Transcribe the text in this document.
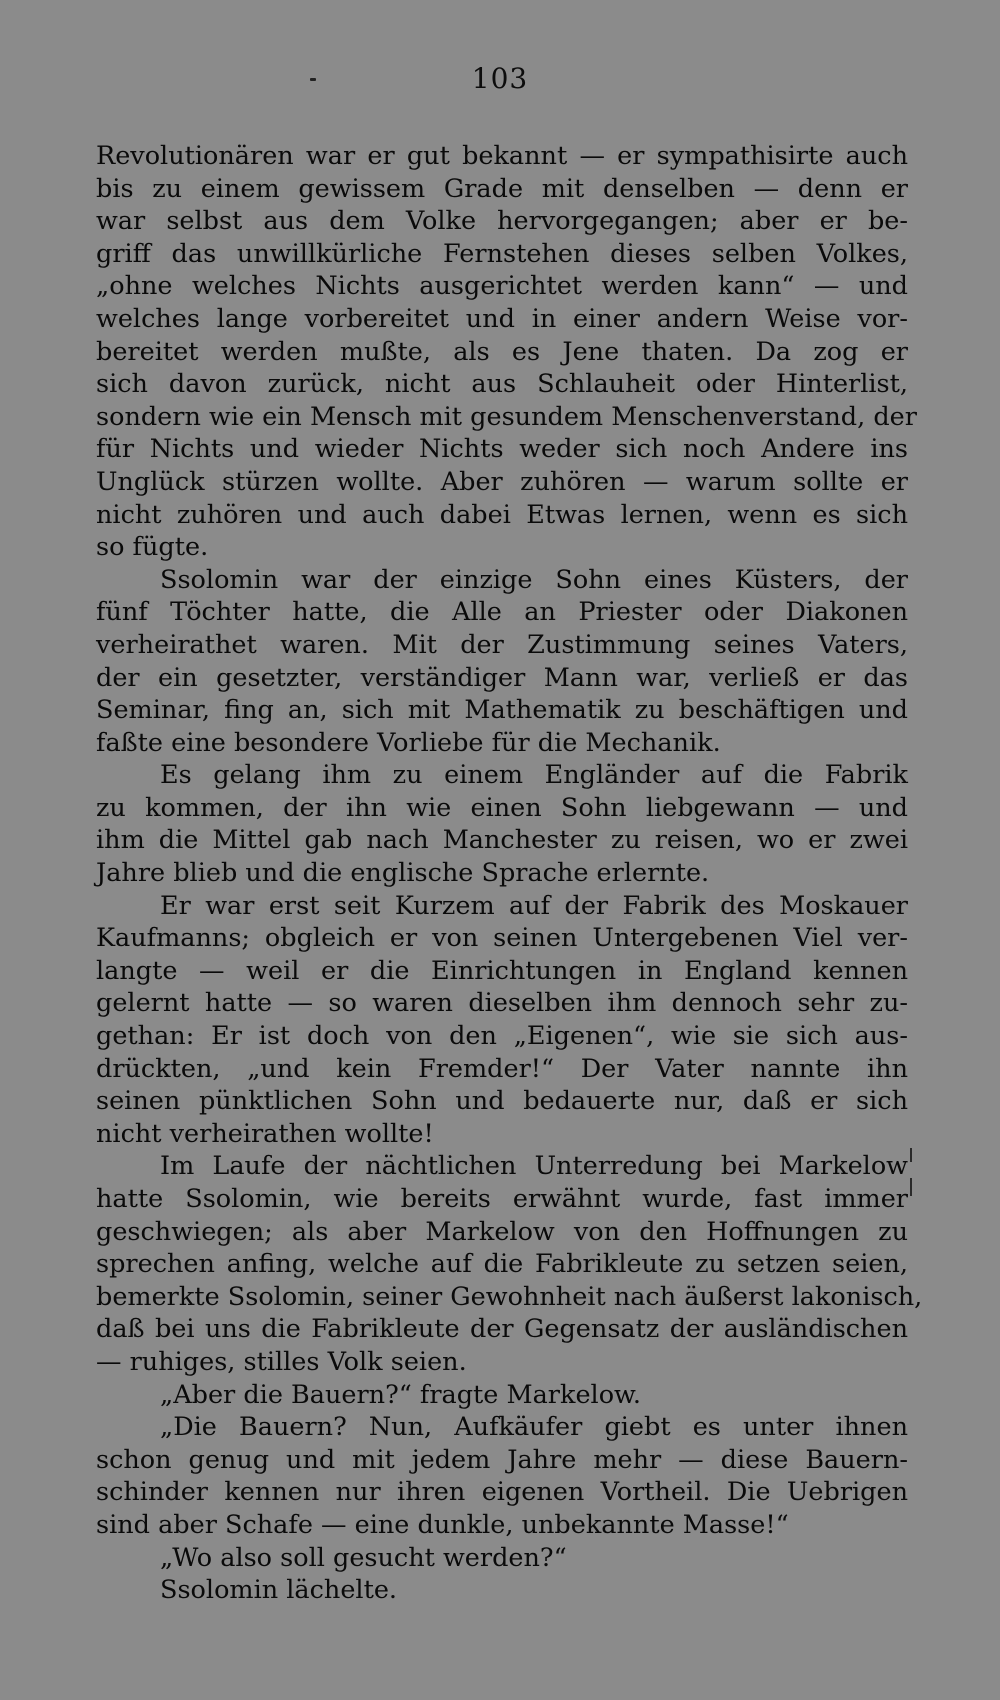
103
Revolutionären war er gut bekannt — er sympathisirte auch
bis zu einem gewissem Grade mit denselben — denn er
war selbst aus dem Volke hervorgegangen; aber er be-
griff das unwillkürliche Fernstehen dieses selben Volkes,
„ohne welches Nichts ausgerichtet werden kann“ — und
welches lange vorbereitet und in einer andern Weise vor-
bereitet werden mußte, als es Jene thaten. Da zog er
sich davon zurück, nicht aus Schlauheit oder Hinterlist,
sondern wie ein Mensch mit gesundem Menschenverstand, der
für Nichts und wieder Nichts weder sich noch Andere ins
Unglück stürzen wollte. Aber zuhören — warum sollte er
nicht zuhören und auch dabei Etwas lernen, wenn es sich
so fügte.
Ssolomin war der einzige Sohn eines Küsters, der
fünf Töchter hatte, die Alle an Priester oder Diakonen
verheirathet waren. Mit der Zustimmung seines Vaters,
der ein gesetzter, verständiger Mann war, verließ er das
Seminar, fing an, sich mit Mathematik zu beschäftigen und
faßte eine besondere Vorliebe für die Mechanik.
Es gelang ihm zu einem Engländer auf die Fabrik
zu kommen, der ihn wie einen Sohn liebgewann — und
ihm die Mittel gab nach Manchester zu reisen, wo er zwei
Jahre blieb und die englische Sprache erlernte.
Er war erst seit Kurzem auf der Fabrik des Moskauer
Kaufmanns; obgleich er von seinen Untergebenen Viel ver-
langte — weil er die Einrichtungen in England kennen
gelernt hatte — so waren dieselben ihm dennoch sehr zu-
gethan: Er ist doch von den „Eigenen“, wie sie sich aus-
drückten, „und kein Fremder!“ Der Vater nannte ihn
seinen pünktlichen Sohn und bedauerte nur, daß er sich
nicht verheirathen wollte!
Im Laufe der nächtlichen Unterredung bei Markelow
hatte Ssolomin, wie bereits erwähnt wurde, fast immer
geschwiegen; als aber Markelow von den Hoffnungen zu
sprechen anfing, welche auf die Fabrikleute zu setzen seien,
bemerkte Ssolomin, seiner Gewohnheit nach äußerst lakonisch,
daß bei uns die Fabrikleute der Gegensatz der ausländischen
— ruhiges, stilles Volk seien.
„Aber die Bauern?“ fragte Markelow.
„Die Bauern? Nun, Aufkäufer giebt es unter ihnen
schon genug und mit jedem Jahre mehr — diese Bauern-
schinder kennen nur ihren eigenen Vortheil. Die Uebrigen
sind aber Schafe — eine dunkle, unbekannte Masse!“
„Wo also soll gesucht werden?“
Ssolomin lächelte.
